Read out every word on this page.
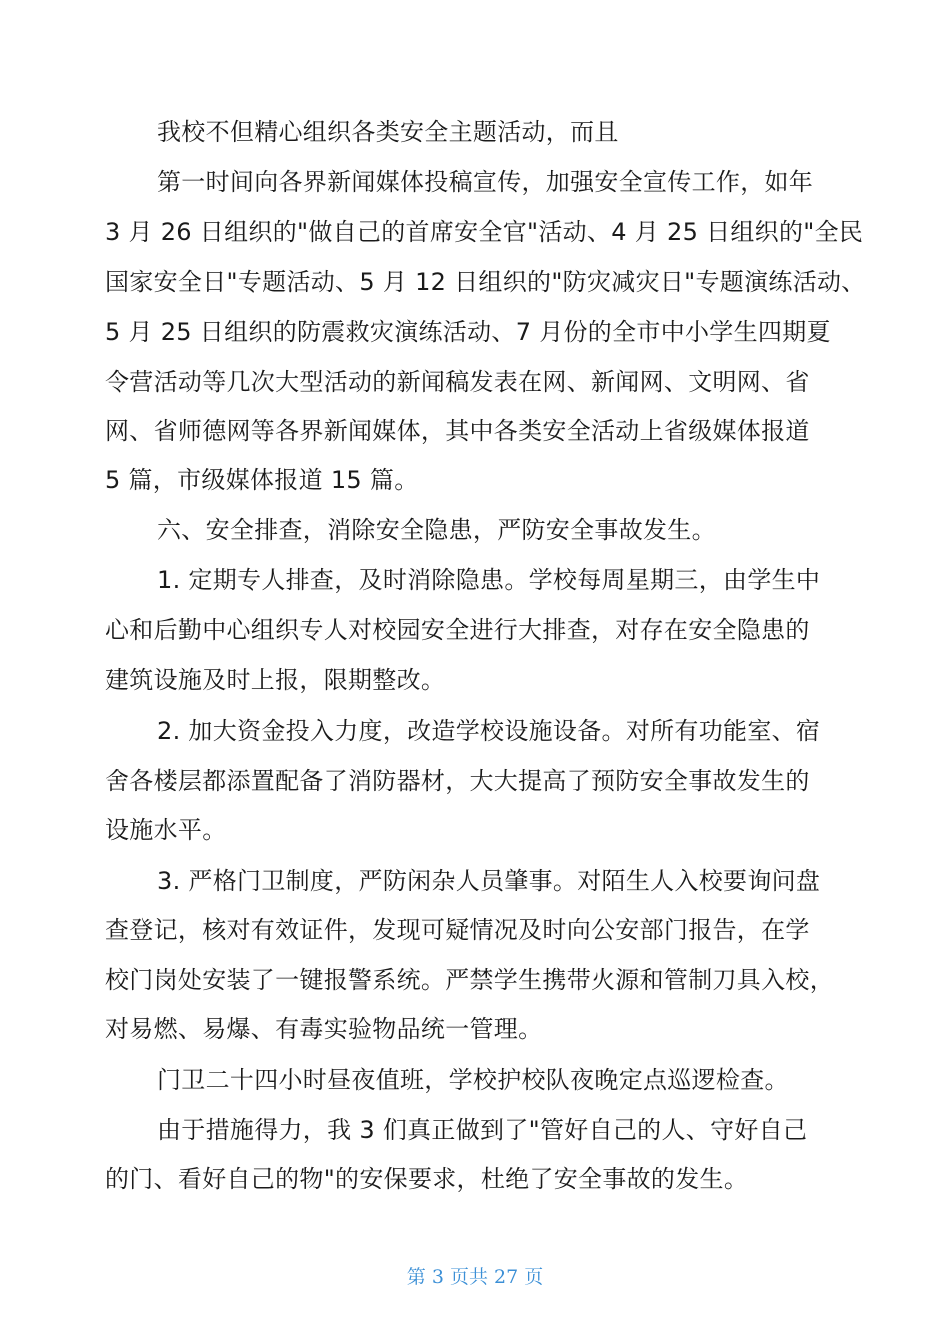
我校不但精心组织各类安全主题活动，而且
第一时间向各界新闻媒体投稿宣传，加强安全宣传工作，如年
3 月 26 日组织的"做自己的首席安全官"活动、4 月 25 日组织的"全民
国家安全日"专题活动、5 月 12 日组织的"防灾减灾日"专题演练活动、
5 月 25 日组织的防震救灾演练活动、7 月份的全市中小学生四期夏
令营活动等几次大型活动的新闻稿发表在网、新闻网、文明网、省
网、省师德网等各界新闻媒体，其中各类安全活动上省级媒体报道
5 篇，市级媒体报道 15 篇。
六、安全排查，消除安全隐患，严防安全事故发生。
1. 定期专人排查，及时消除隐患。学校每周星期三，由学生中
心和后勤中心组织专人对校园安全进行大排查，对存在安全隐患的
建筑设施及时上报，限期整改。
2. 加大资金投入力度，改造学校设施设备。对所有功能室、宿
舍各楼层都添置配备了消防器材，大大提高了预防安全事故发生的
设施水平。
3. 严格门卫制度，严防闲杂人员肇事。对陌生人入校要询问盘
查登记，核对有效证件，发现可疑情况及时向公安部门报告，在学
校门岗处安装了一键报警系统。严禁学生携带火源和管制刀具入校，
对易燃、易爆、有毒实验物品统一管理。
门卫二十四小时昼夜值班，学校护校队夜晚定点巡逻检查。
由于措施得力，我 3 们真正做到了"管好自己的人、守好自己
的门、看好自己的物"的安保要求，杜绝了安全事故的发生。
第 3 页共 27 页
